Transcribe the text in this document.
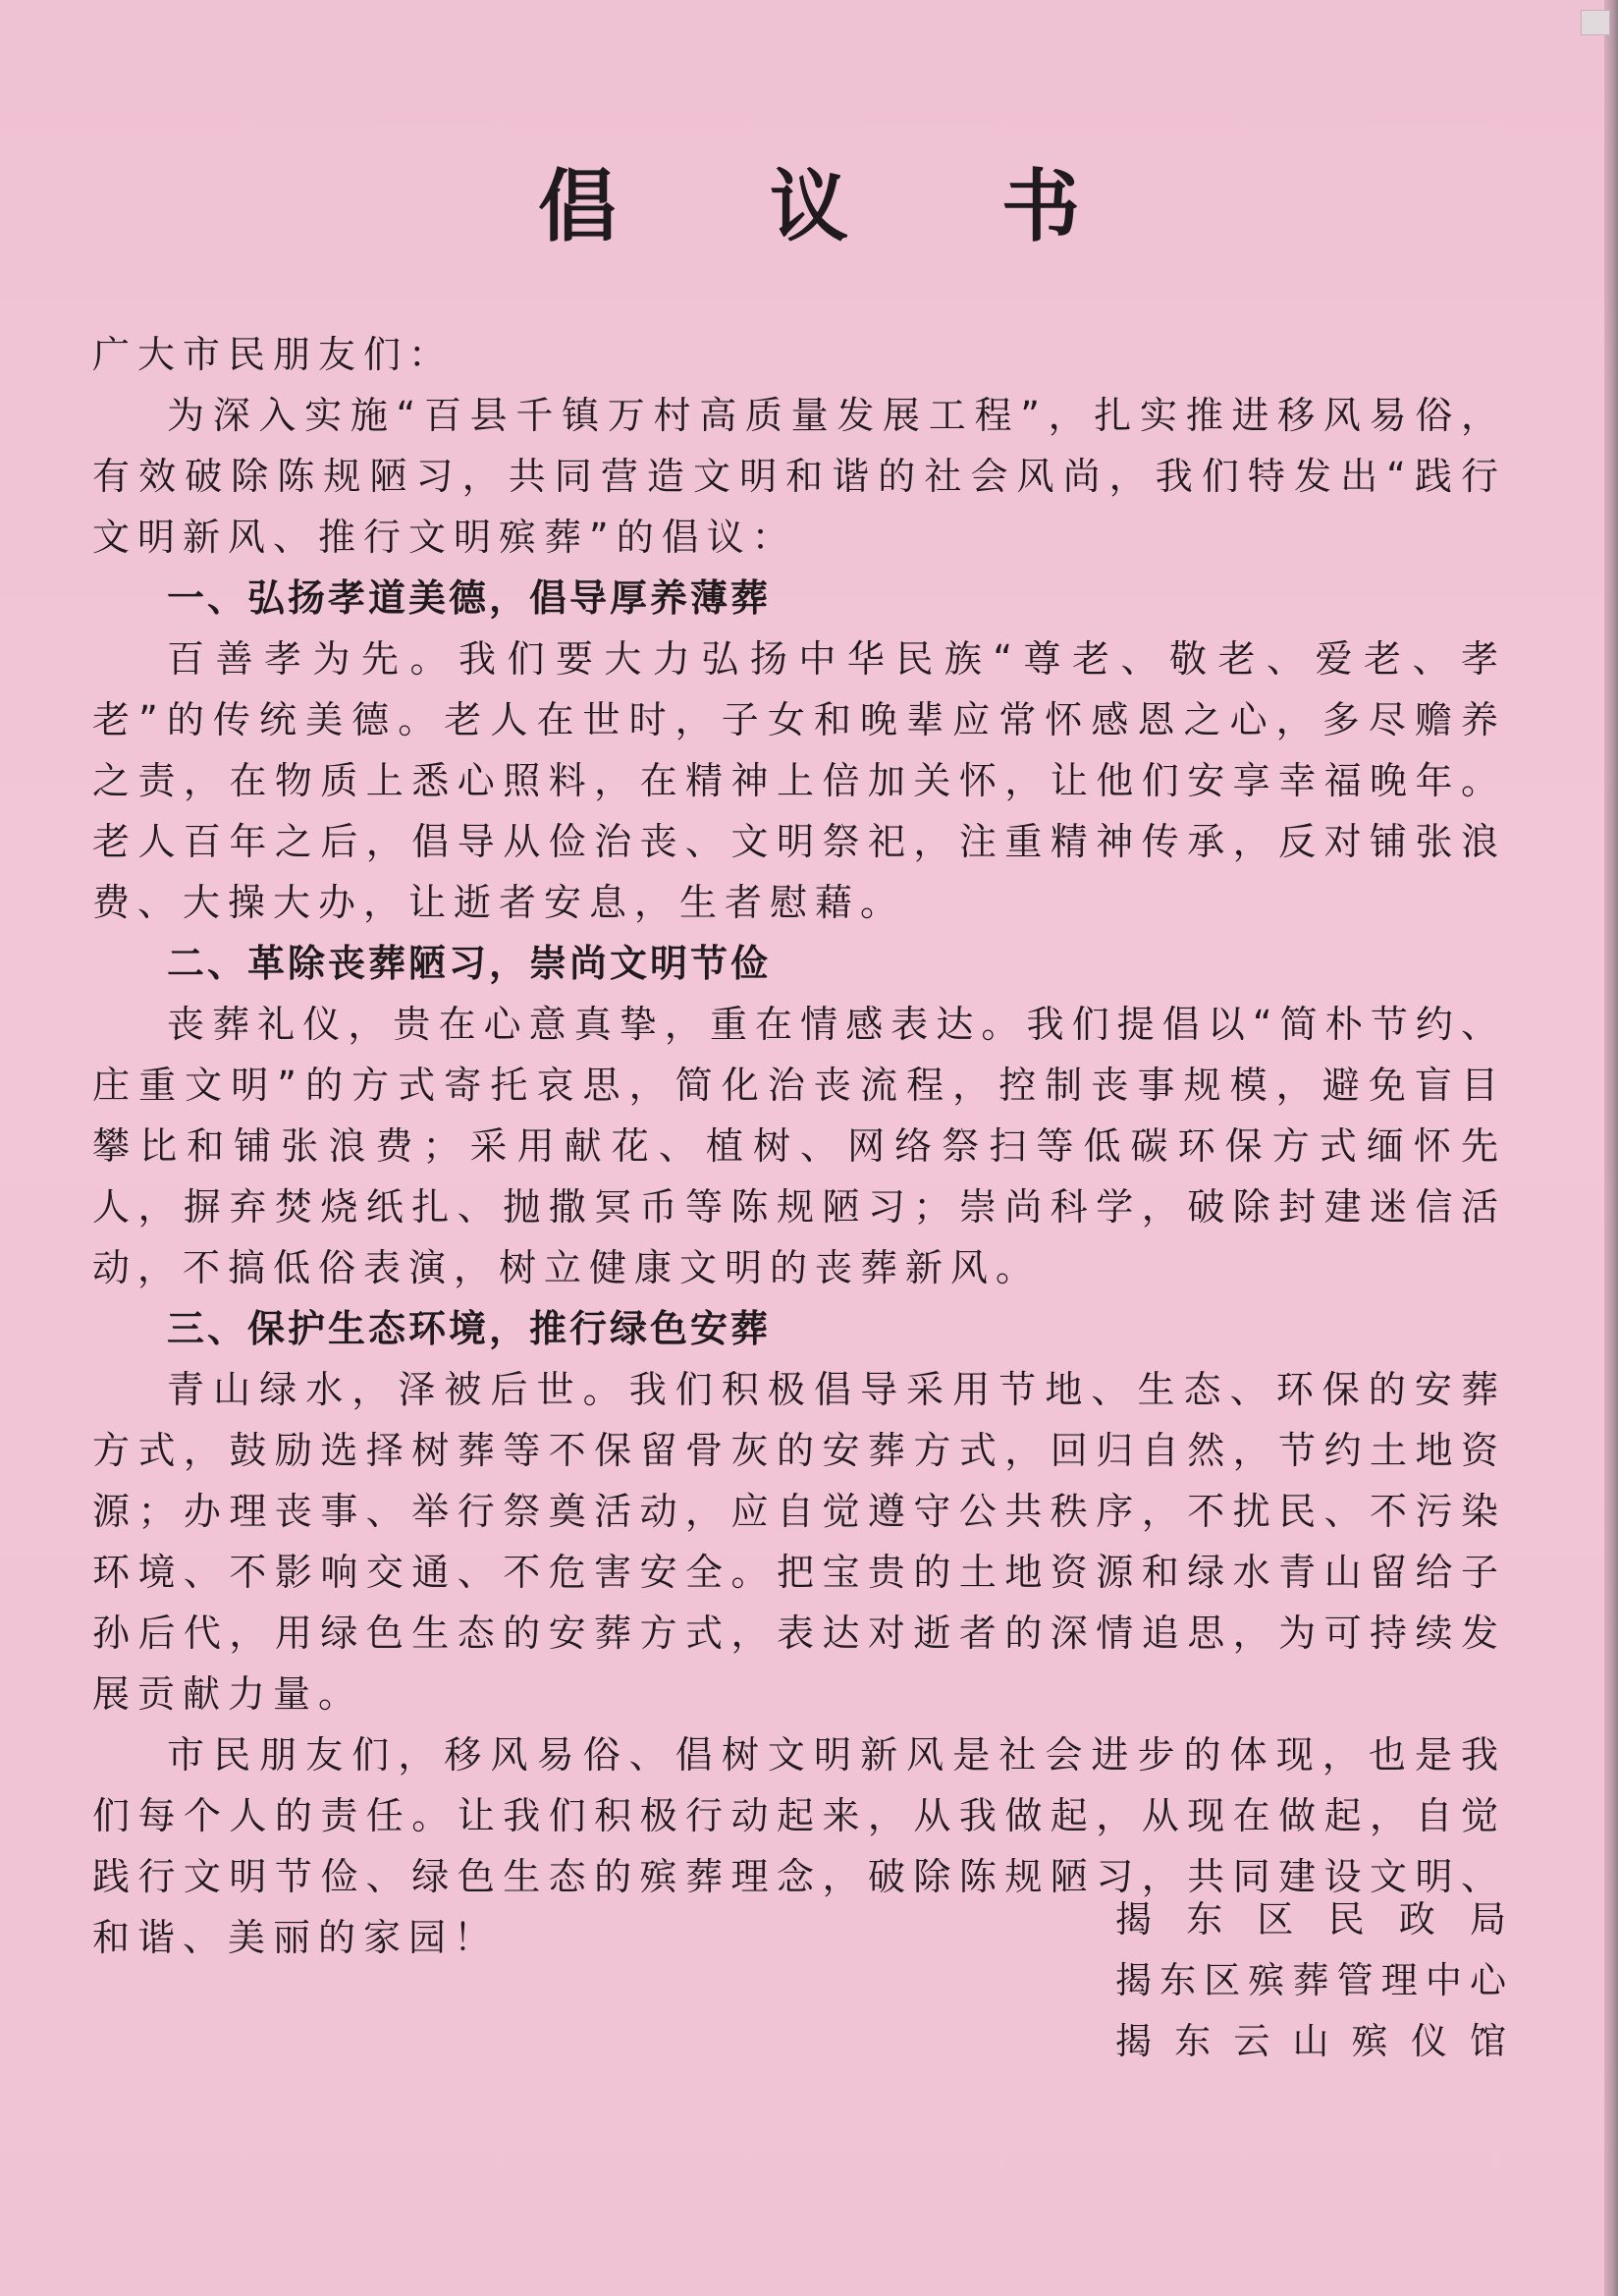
倡 议 书

广大市民朋友们：

为深入实施“百县千镇万村高质量发展工程”，扎实推进移风易俗，有效破除陈规陋习，共同营造文明和谐的社会风尚，我们特发出“践行文明新风、推行文明殡葬”的倡议：

一、弘扬孝道美德，倡导厚养薄葬

百善孝为先。我们要大力弘扬中华民族“尊老、敬老、爱老、孝老”的传统美德。老人在世时，子女和晚辈应常怀感恩之心，多尽赡养之责，在物质上悉心照料，在精神上倍加关怀，让他们安享幸福晚年。老人百年之后，倡导从俭治丧、文明祭祀，注重精神传承，反对铺张浪费、大操大办，让逝者安息，生者慰藉。

二、革除丧葬陋习，崇尚文明节俭

丧葬礼仪，贵在心意真挚，重在情感表达。我们提倡以“简朴节约、庄重文明”的方式寄托哀思，简化治丧流程，控制丧事规模，避免盲目攀比和铺张浪费；采用献花、植树、网络祭扫等低碳环保方式缅怀先人，摒弃焚烧纸扎、抛撒冥币等陈规陋习；崇尚科学，破除封建迷信活动，不搞低俗表演，树立健康文明的丧葬新风。

三、保护生态环境，推行绿色安葬

青山绿水，泽被后世。我们积极倡导采用节地、生态、环保的安葬方式，鼓励选择树葬等不保留骨灰的安葬方式，回归自然，节约土地资源；办理丧事、举行祭奠活动，应自觉遵守公共秩序，不扰民、不污染环境、不影响交通、不危害安全。把宝贵的土地资源和绿水青山留给子孙后代，用绿色生态的安葬方式，表达对逝者的深情追思，为可持续发展贡献力量。

市民朋友们，移风易俗、倡树文明新风是社会进步的体现，也是我们每个人的责任。让我们积极行动起来，从我做起，从现在做起，自觉践行文明节俭、绿色生态的殡葬理念，破除陈规陋习，共同建设文明、和谐、美丽的家园！	揭东区民政局
揭东区殡葬管理中心
揭东云山殡仪馆
